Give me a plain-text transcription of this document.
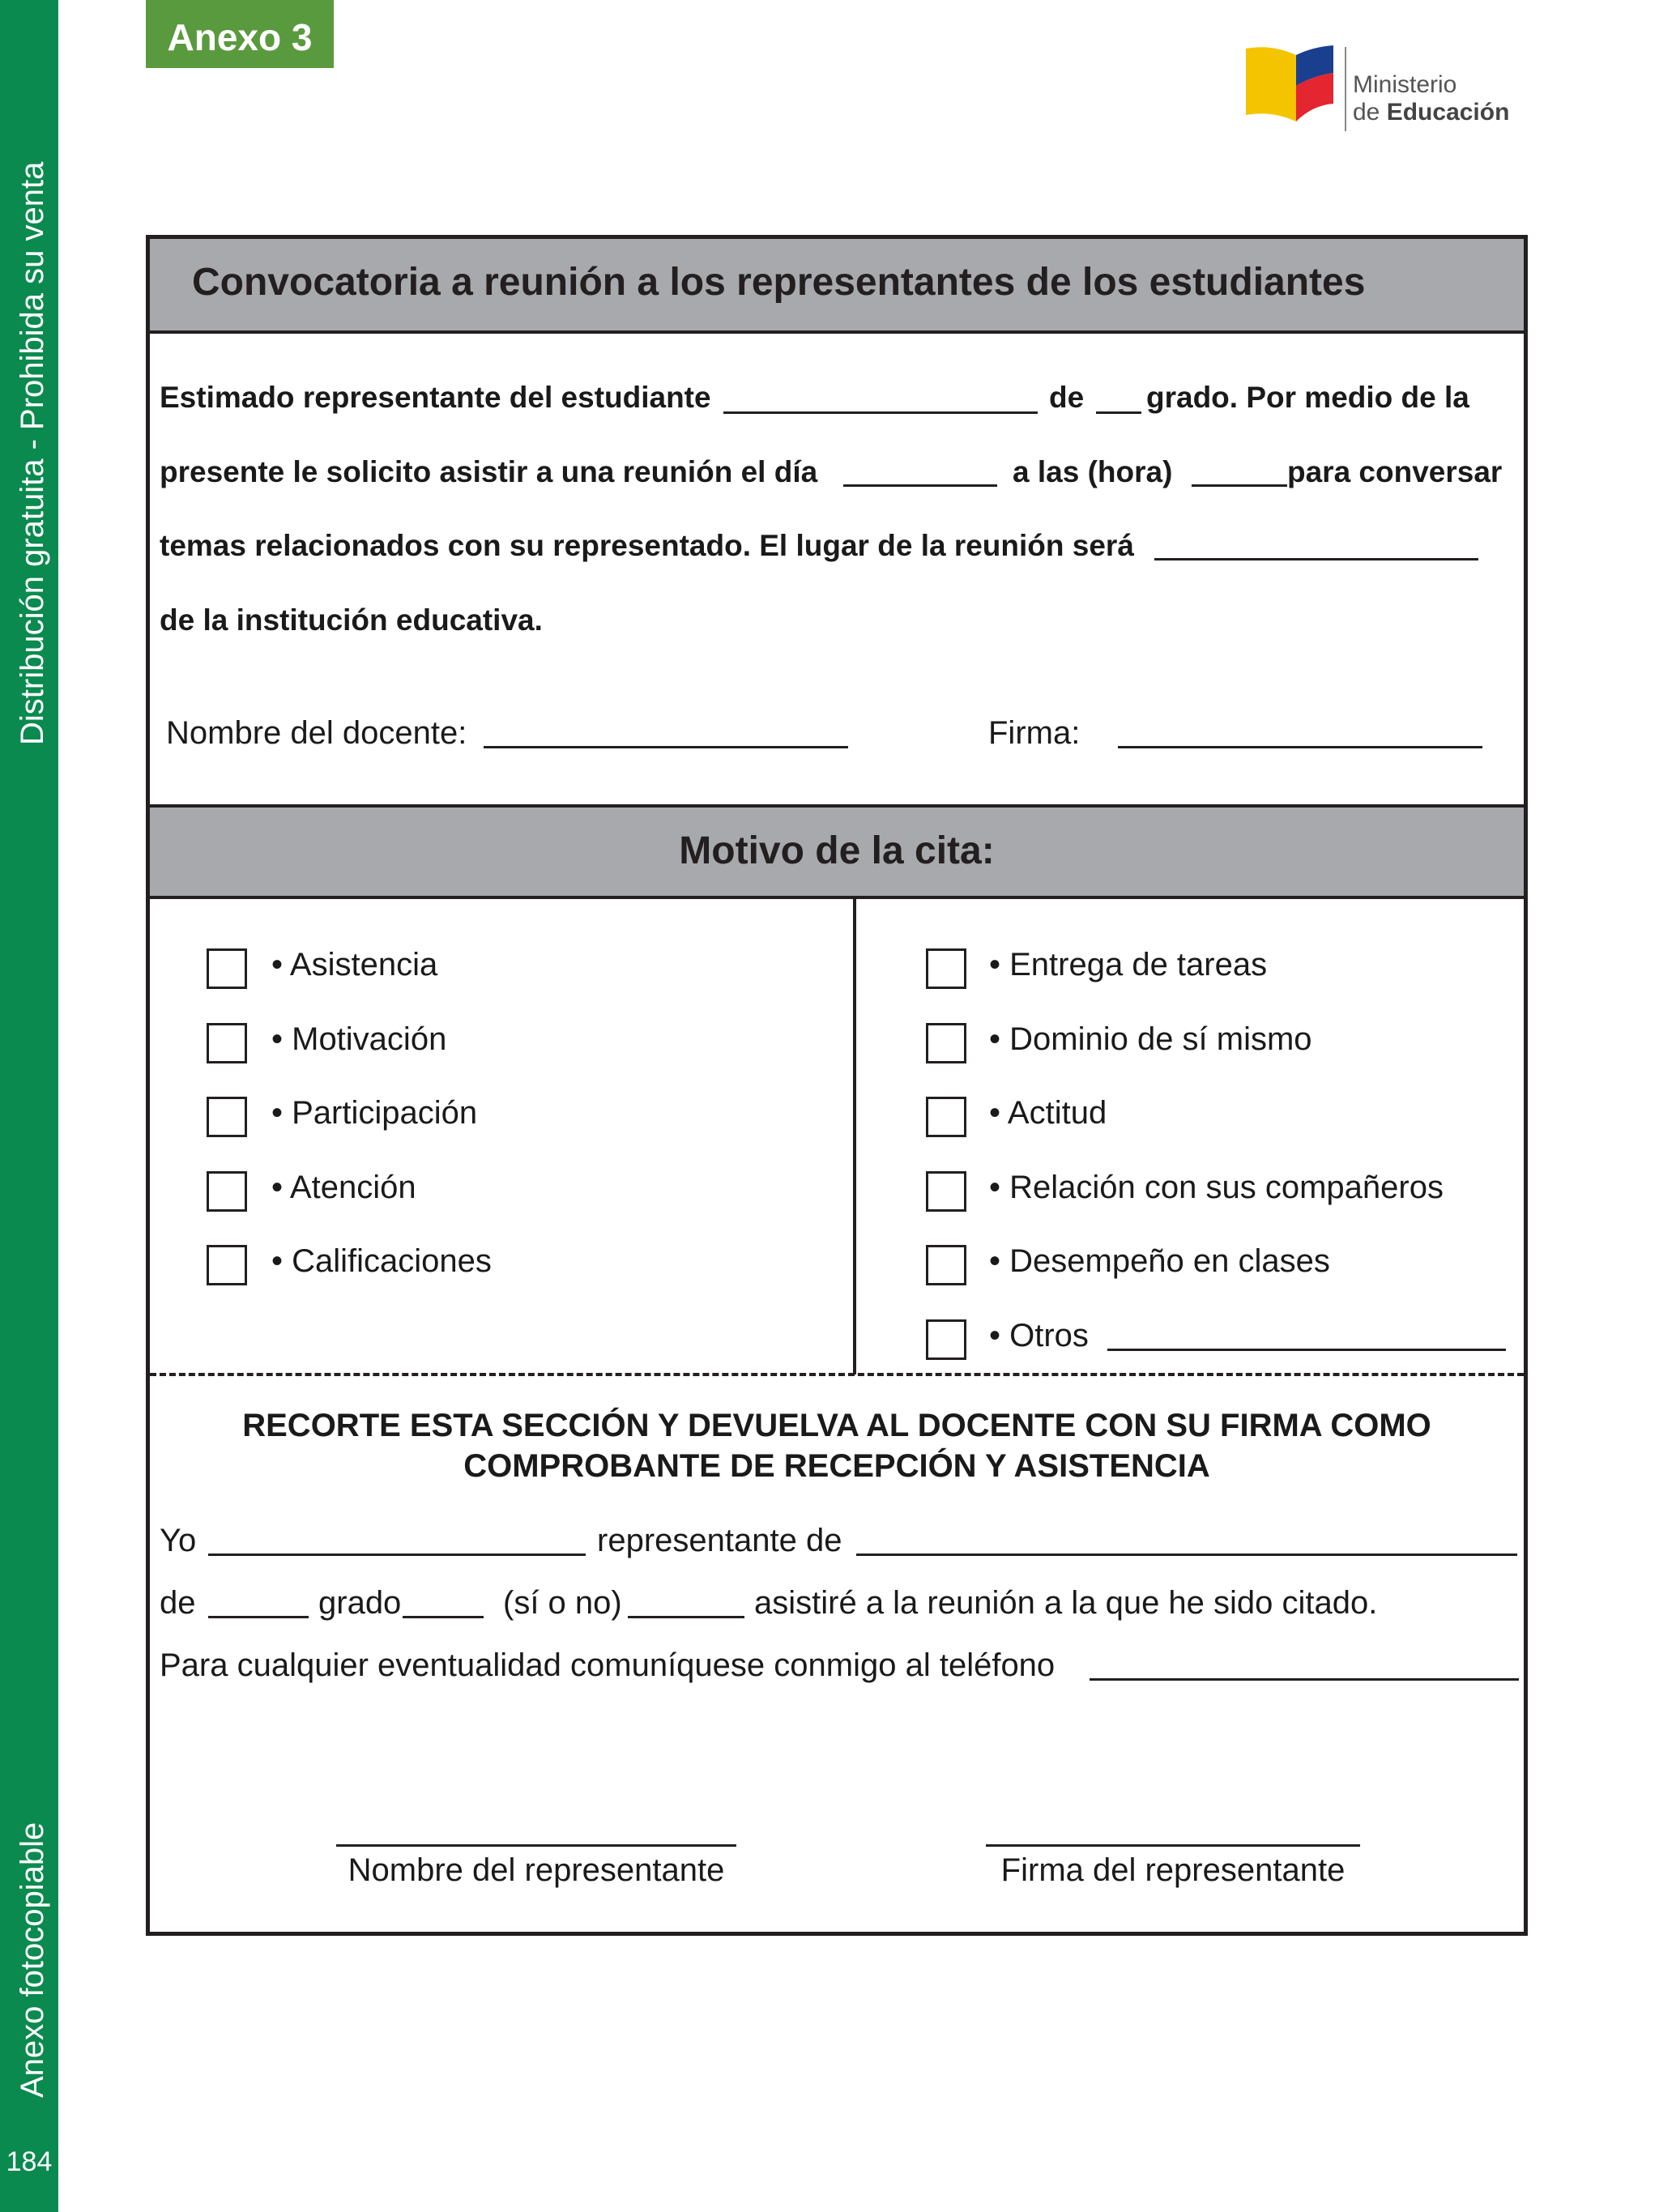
Distribución gratuita - Prohibida su venta
Anexo fotocopiable
184
Anexo 3
Ministerio
de Educación
Convocatoria a reunión a los representantes de los estudiantes
Estimado representante del estudiante	de grado. Por medio de la
presente le solicito asistir a una reunión el día	a las (hora)	para conversar
temas relacionados con su representado. El lugar de la reunión será
de la institución educativa.
Nombre del docente:	Firma:
Motivo de la cita:
• Asistencia
• Motivación
• Participación
• Atención
• Calificaciones
• Entrega de tareas
• Dominio de sí mismo
• Actitud
• Relación con sus compañeros
• Desempeño en clases
• Otros
RECORTE ESTA SECCIÓN Y DEVUELVA AL DOCENTE CON SU FIRMA COMO
COMPROBANTE DE RECEPCIÓN Y ASISTENCIA
Yo	representante de
de	grado	(sí o no)	asistiré a la reunión a la que he sido citado.
Para cualquier eventualidad comuníquese conmigo al teléfono
Nombre del representante	Firma del representante
